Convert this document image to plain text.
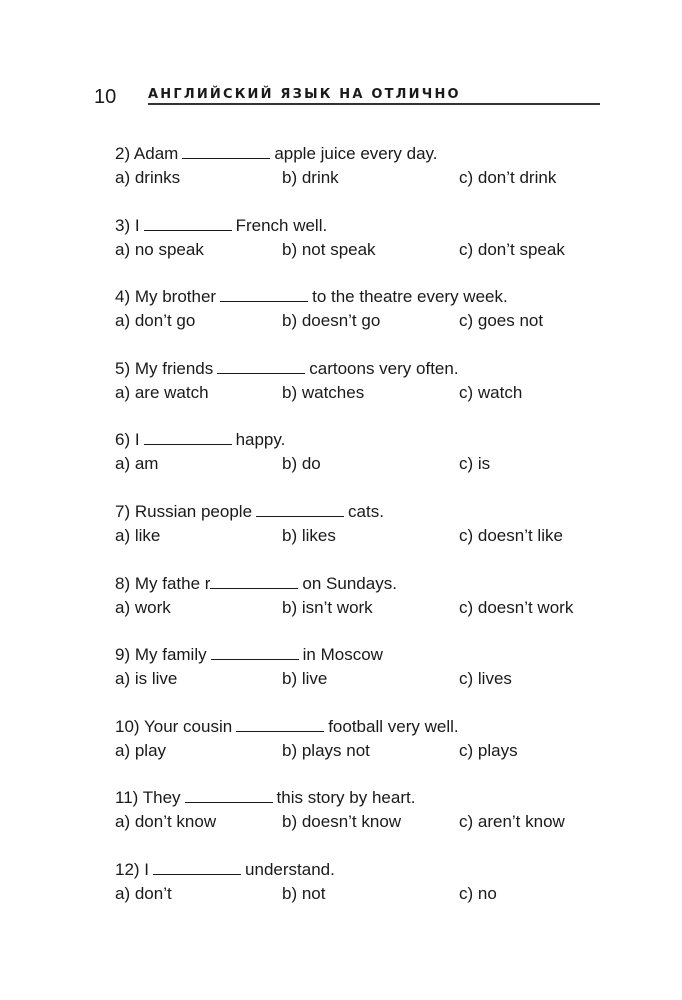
10 АНГЛИЙСКИЙ ЯЗЫК НА ОТЛИЧНО
2) Adam	apple juice every day.
a) drinks	b) drink	c) don’t drink
3) I	French well.
a) no speak	b) not speak	c) don’t speak
4) My brother	to the theatre every week.
a) don’t go	b) doesn’t go	c) goes not
5) My friends	cartoons very often.
a) are watch	b) watches	c) watch
6) I	happy.
a) am	b) do	c) is
7) Russian people	cats.
a) like	b) likes	c) doesn’t like
8) My fathe r	on Sundays.
a) work	b) isn’t work	c) doesn’t work
9) My family	in Moscow
a) is live	b) live	c) lives
10) Your cousin	football very well.
a) play	b) plays not	c) plays
11) They	this story by heart.
a) don’t know	b) doesn’t know	c) aren’t know
12) I	understand.
a) don’t	b) not	c) no
